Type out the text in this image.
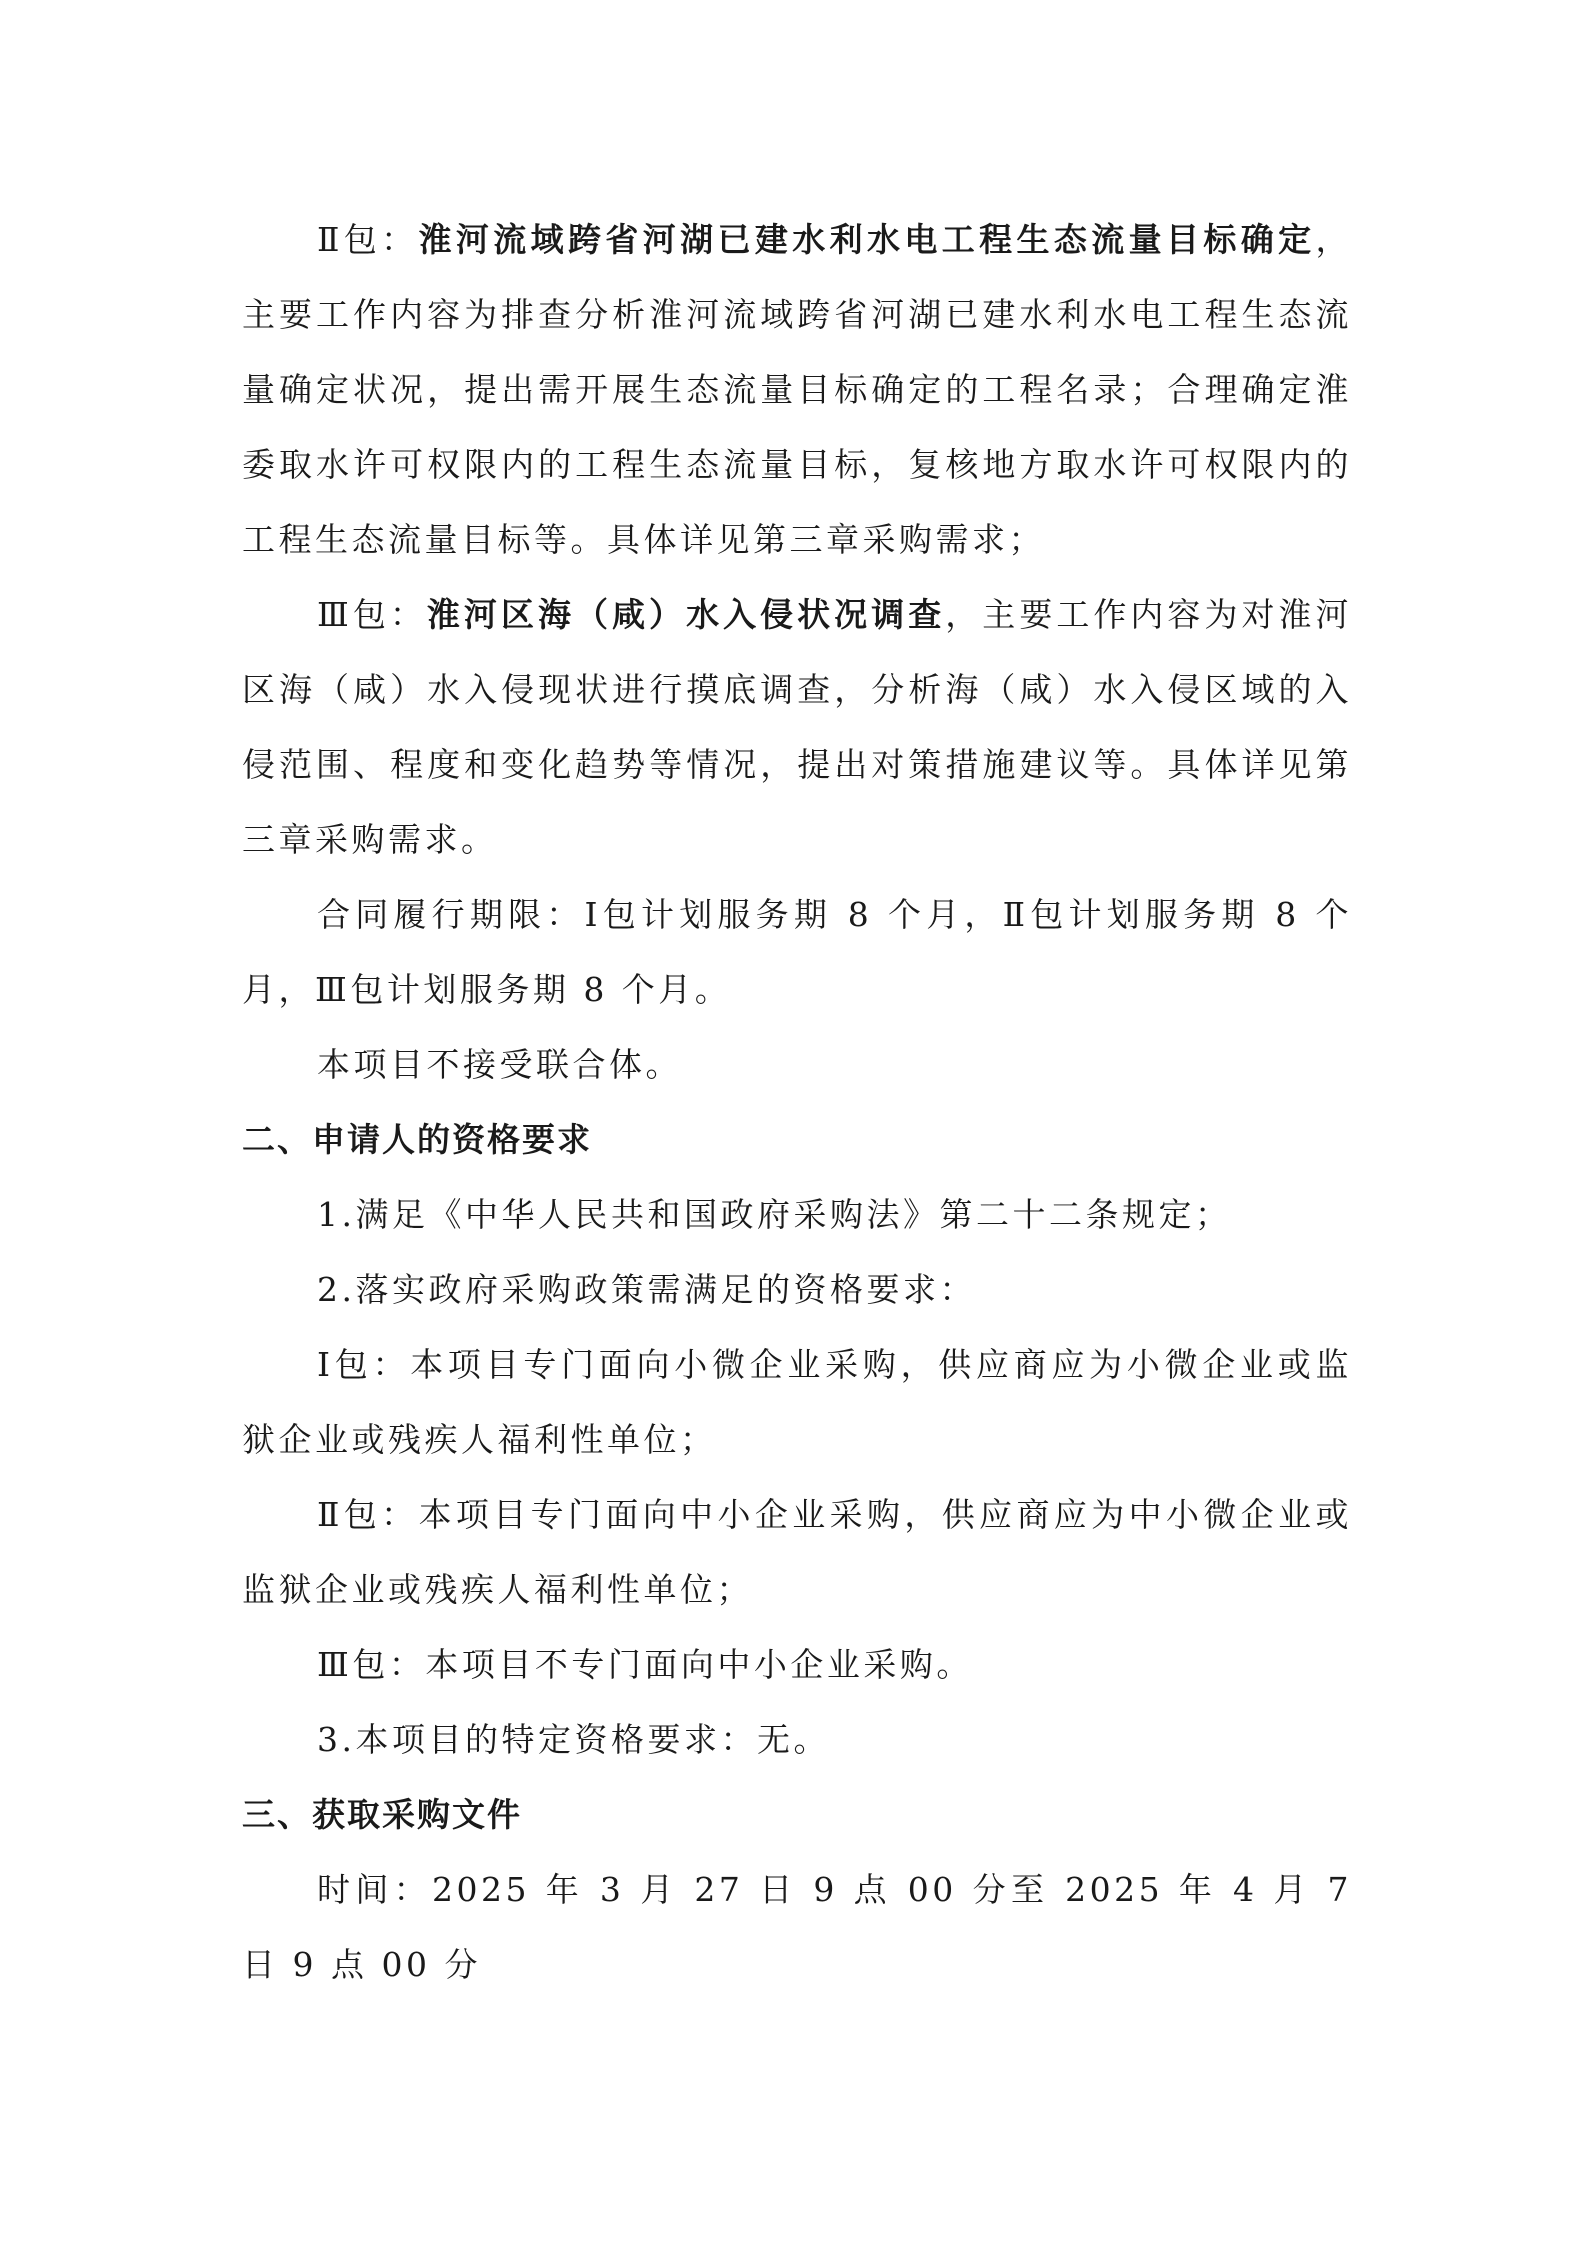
Ⅱ包：淮河流域跨省河湖已建水利水电工程生态流量目标确定，主要工作内容为排查分析淮河流域跨省河湖已建水利水电工程生态流量确定状况，提出需开展生态流量目标确定的工程名录；合理确定淮委取水许可权限内的工程生态流量目标，复核地方取水许可权限内的工程生态流量目标等。具体详见第三章采购需求；

Ⅲ包：淮河区海（咸）水入侵状况调查，主要工作内容为对淮河区海（咸）水入侵现状进行摸底调查，分析海（咸）水入侵区域的入侵范围、程度和变化趋势等情况，提出对策措施建议等。具体详见第三章采购需求。

合同履行期限：Ⅰ包计划服务期 8 个月，Ⅱ包计划服务期 8 个月，Ⅲ包计划服务期 8 个月。

本项目不接受联合体。

二、申请人的资格要求

1.满足《中华人民共和国政府采购法》第二十二条规定；

2.落实政府采购政策需满足的资格要求：

Ⅰ包：本项目专门面向小微企业采购，供应商应为小微企业或监狱企业或残疾人福利性单位；

Ⅱ包：本项目专门面向中小企业采购，供应商应为中小微企业或监狱企业或残疾人福利性单位；

Ⅲ包：本项目不专门面向中小企业采购。

3.本项目的特定资格要求：无。

三、获取采购文件

时间：2025 年 3 月 27 日 9 点 00 分至 2025 年 4 月 7 日 9 点 00 分
